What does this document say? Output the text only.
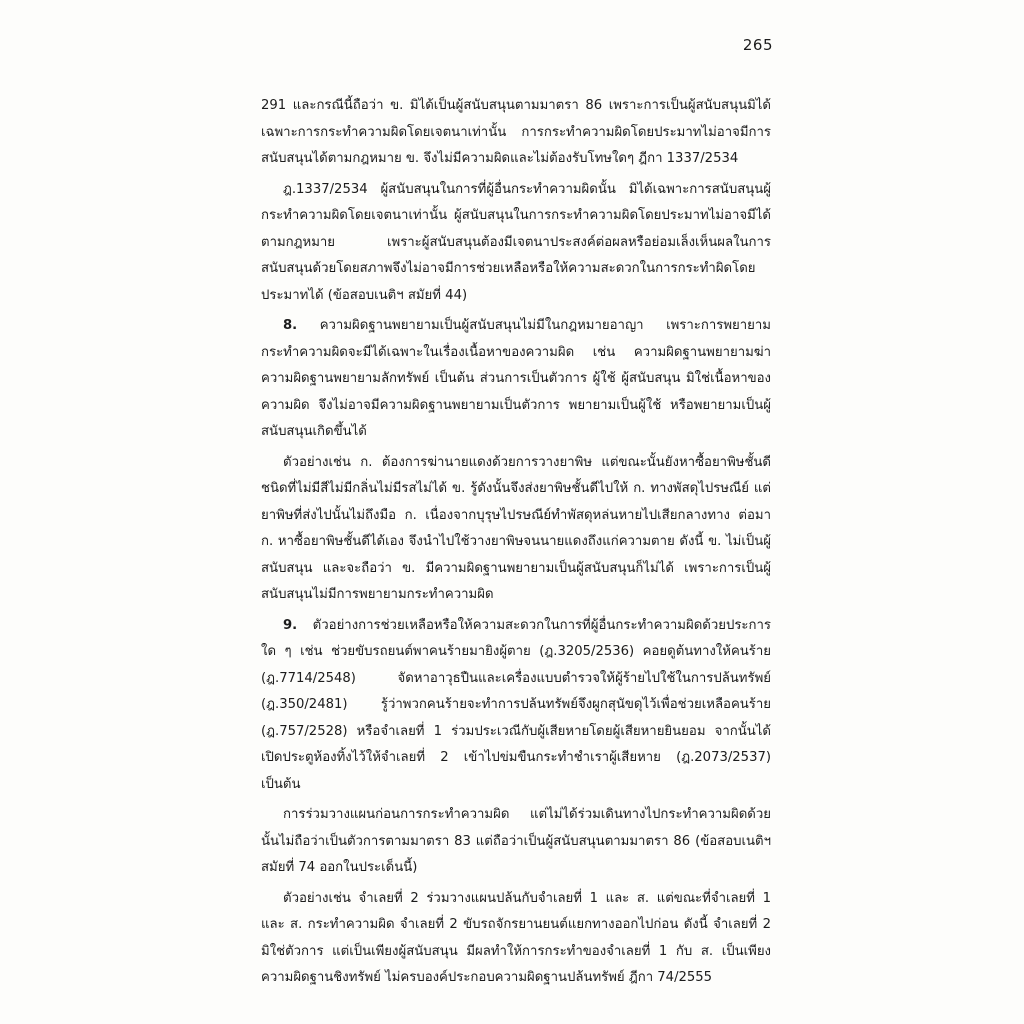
265

291 และกรณีนี้ถือว่า ข. มิได้เป็นผู้สนับสนุนตามมาตรา 86 เพราะการเป็นผู้สนับสนุนมิได้เฉพาะการกระทำความผิดโดยเจตนาเท่านั้น การกระทำความผิดโดยประมาทไม่อาจมีการสนับสนุนได้ตามกฎหมาย ข. จึงไม่มีความผิดและไม่ต้องรับโทษใดๆ ฎีกา 1337/2534

ฎ.1337/2534 ผู้สนับสนุนในการที่ผู้อื่นกระทำความผิดนั้น มิได้เฉพาะการสนับสนุนผู้กระทำความผิดโดยเจตนาเท่านั้น ผู้สนับสนุนในการกระทำความผิดโดยประมาทไม่อาจมีได้ตามกฎหมาย เพราะผู้สนับสนุนต้องมีเจตนาประสงค์ต่อผลหรือย่อมเล็งเห็นผลในการสนับสนุนด้วยโดยสภาพจึงไม่อาจมีการช่วยเหลือหรือให้ความสะดวกในการกระทำผิดโดยประมาทได้ (ข้อสอบเนติฯ สมัยที่ 44)

8. ความผิดฐานพยายามเป็นผู้สนับสนุนไม่มีในกฎหมายอาญา เพราะการพยายามกระทำความผิดจะมีได้เฉพาะในเรื่องเนื้อหาของความผิด เช่น ความผิดฐานพยายามฆ่า ความผิดฐานพยายามลักทรัพย์ เป็นต้น ส่วนการเป็นตัวการ ผู้ใช้ ผู้สนับสนุน มิใช่เนื้อหาของความผิด จึงไม่อาจมีความผิดฐานพยายามเป็นตัวการ พยายามเป็นผู้ใช้ หรือพยายามเป็นผู้สนับสนุนเกิดขึ้นได้

ตัวอย่างเช่น ก. ต้องการฆ่านายแดงด้วยการวางยาพิษ แต่ขณะนั้นยังหาซื้อยาพิษชั้นดีชนิดที่ไม่มีสีไม่มีกลิ่นไม่มีรสไม่ได้ ข. รู้ดังนั้นจึงส่งยาพิษชั้นดีไปให้ ก. ทางพัสดุไปรษณีย์ แต่ยาพิษที่ส่งไปนั้นไม่ถึงมือ ก. เนื่องจากบุรุษไปรษณีย์ทำพัสดุหล่นหายไปเสียกลางทาง ต่อมา ก. หาซื้อยาพิษชั้นดีได้เอง จึงนำไปใช้วางยาพิษจนนายแดงถึงแก่ความตาย ดังนี้ ข. ไม่เป็นผู้สนับสนุน และจะถือว่า ข. มีความผิดฐานพยายามเป็นผู้สนับสนุนก็ไม่ได้ เพราะการเป็นผู้สนับสนุนไม่มีการพยายามกระทำความผิด

9. ตัวอย่างการช่วยเหลือหรือให้ความสะดวกในการที่ผู้อื่นกระทำความผิดด้วยประการใด ๆ เช่น ช่วยขับรถยนต์พาคนร้ายมายิงผู้ตาย (ฎ.3205/2536) คอยดูต้นทางให้คนร้าย (ฎ.7714/2548) จัดหาอาวุธปืนและเครื่องแบบตำรวจให้ผู้ร้ายไปใช้ในการปล้นทรัพย์ (ฎ.350/2481) รู้ว่าพวกคนร้ายจะทำการปล้นทรัพย์จึงผูกสุนัขดุไว้เพื่อช่วยเหลือคนร้าย (ฎ.757/2528) หรือจำเลยที่ 1 ร่วมประเวณีกับผู้เสียหายโดยผู้เสียหายยินยอม จากนั้นได้เปิดประตูห้องทิ้งไว้ให้จำเลยที่ 2 เข้าไปข่มขืนกระทำชำเราผู้เสียหาย (ฎ.2073/2537) เป็นต้น

การร่วมวางแผนก่อนการกระทำความผิด แต่ไม่ได้ร่วมเดินทางไปกระทำความผิดด้วยนั้นไม่ถือว่าเป็นตัวการตามมาตรา 83 แต่ถือว่าเป็นผู้สนับสนุนตามมาตรา 86 (ข้อสอบเนติฯ สมัยที่ 74 ออกในประเด็นนี้)

ตัวอย่างเช่น จำเลยที่ 2 ร่วมวางแผนปล้นกับจำเลยที่ 1 และ ส. แต่ขณะที่จำเลยที่ 1 และ ส. กระทำความผิด จำเลยที่ 2 ขับรถจักรยานยนต์แยกทางออกไปก่อน ดังนี้ จำเลยที่ 2 มิใช่ตัวการ แต่เป็นเพียงผู้สนับสนุน มีผลทำให้การกระทำของจำเลยที่ 1 กับ ส. เป็นเพียงความผิดฐานชิงทรัพย์ ไม่ครบองค์ประกอบความผิดฐานปล้นทรัพย์ ฎีกา 74/2555
